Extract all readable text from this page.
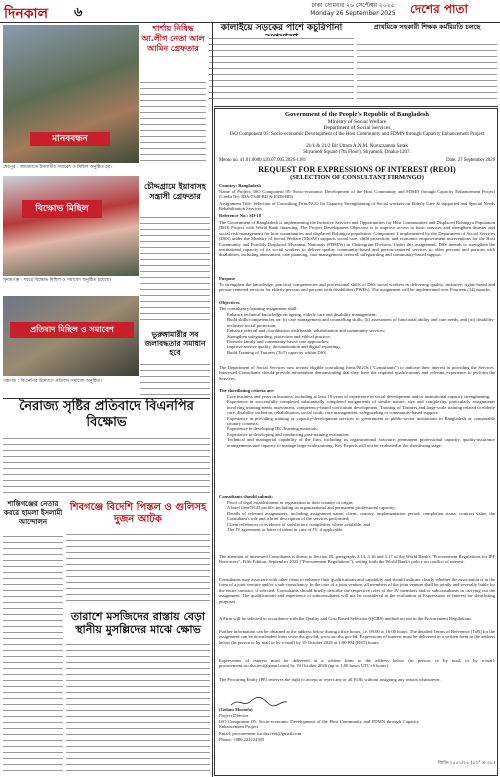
দিনকাল ৬	ঢাকা সোমবার ২৬ সেপ্টেম্বর ২০২৫
Monday 26 September 2025 দেশের পাতা
মানববন্ধন
শার্শায় নিষিদ্ধ আ.লীগ নেতা আল আমিন গ্রেফতার
শেরপুর : জামায়াতে ইসলামীর সমাবেশ ও মিছিল অনুষ্ঠিত হয়।
কালাইয়ে সড়কের পাশে কচুরিপানা	প্রাথমিকে সহকারী শিক্ষক কর্মবিরতি চলছে
বিক্ষোভ মিছিল
সুনামগঞ্জ : শহরে বিক্ষোভ মিছিল ও সমাবেশ অনুষ্ঠিত হয়েছে।
চৌদ্দগ্রামে ইয়াবাসহ সন্ত্রাসী গ্রেফতার
প্রতিবাদ মিছিল ও সমাবেশ
পঞ্চগড় : বিএনপির উদ্যোগে প্রতিবাদ সমাবেশ অনুষ্ঠিত।
ভুরুঙ্গামারীর সব জলাবদ্ধতার সমাধান হবে
নৈরাজ্য সৃষ্টির প্রতিবাদে বিএনপির বিক্ষোভ
শান্তিগঞ্জের নেতার কবরে হামলা ইসলামী আন্দোলন
শিবগঞ্জে বিদেশি পিস্তল ও গুলিসহ দুজন আটক
তারাশে মসজিদের রাস্তায় বেড়া স্থানীয় মুসল্লিদের মাঝে ক্ষোভ
Government of the People's Republic of Bangladesh
Ministry of Social Welfare
Department of Social Services
ISO Component 05: Socio-economic Development of the Host Community and FDMN through Capacity Enhancement Project
21/1 & 21/2 Bir Uttom A.N.M. Nuruzzaman Sarak
Shyamoli Square (7th Floor), Shyamoli, Dhaka-1207.
Memo no. 41.01.0000.120.07.005.2026-1181	Date: 27 September 2026
REQUEST FOR EXPRESSIONS OF INTEREST (REOI)
(SELECTION OF CONSULTANT FIRM/NGO)
Country: Bangladesh
Name of Project: ISO Component 05: Socio-economic Development of the Host Community and FDMN through Capacity Enhancement Project (Credit No: IDA-7348-BD & E328-BD)
Assignment Title: Selection of Consulting Firm/NGO for Capacity Strengthening of Social workers on Elderly Care & supported and Special Needs Rehabilitation Services.
Reference No.: SD-18
The Government of Bangladesh is implementing the Inclusive Services and Opportunities for Host Communities and Displaced Rohingya Population (ISO) Project with World Bank financing. The Project Development Objective is to improve access to basic services and strengthen disaster and social risk management for host communities and displaced Rohingya population. Component 1 implemented by the Department of Social Services (DSS) under the Ministry of Social Welfare (MoSW) supports social care, child protection, and economic empowerment interventions for the Host Community and Forcibly Displaced Myanmar Nationals (FDMNs) in Chattogram Division. Under this assignment, DSS intends to strengthen the institutional capacity of its social workers to deliver quality community-based and person-centered services to older persons and persons with disabilities, including assessment, care planning, case management, referral, safeguarding and community-based support.
Purpose
To strengthen the knowledge, practical competencies and professional skills of DSS social workers in delivering quality, inclusive, rights-based and person-centered services for elderly persons and persons with disabilities (PWDs). The assignment will be implemented over Fourteen (14) months.
Objectives
The consultancy/training assignment shall:
Enhance technical knowledge on ageing, elderly care and disability management;
Build skills/competencies on: (i) case management and counselling skills, (ii) assessment of functional ability and care needs, and (iii) disability-inclusive social protection;
Enhance referral and coordination with health, rehabilitation and community services;
Strengthen safeguarding, protection and ethical practice;
Promote family and community-based care approaches;
Improve service quality, documentation and digital reporting;
Build Training of Trainers (ToT) capacity within DSS.
The Department of Social Services now invites eligible consulting firms/NGOs ("Consultants") to indicate their interest in providing the Services. Interested Consultants should provide information demonstrating that they have the required qualifications and relevant experience to perform the Services.
The shortlisting criteria are:
Core business and years in business, including at least 10 years of experience in social development and/or institutional capacity strengthening;
Experience in successfully completed substantially completed assignments of similar nature, size and complexity, particularly assignments involving training-needs assessment, competency-based curriculum development, Training of Trainers and large-scale training related to elderly care, disability inclusion, rehabilitation, social work, case management, safeguarding or community-based support;
Experience in providing training or capacity-development services to government or public-sector institutions in Bangladesh or comparable country contexts;
Experience in developing IEC/learning materials;
Experience in developing and conducting post-training evaluation;
Technical and managerial capability of the firm, including its organizational structure, permanent professional capacity, quality-assurance arrangements and capacity to manage large-scale training. Key Experts will not be evaluated at the shortlisting stage.
Consultants should submit:
Proof of legal establishment or registration in their country of origin;
A brief firm/NGO profile, including its organizational and permanent professional capacity;
Details of relevant assignments, including assignment name, client, country, implementation period, completion status, contract value, the Consultant's role and a brief description of the services performed;
Client references or evidence of satisfactory completion, where available; and
The JV agreement or letter of intent in case of JV, if applicable.
The attention of interested Consultants is drawn to Section III, paragraphs 3.14, 3.16 and 3.17 of the World Bank's "Procurement Regulations for IPF Borrowers", Fifth Edition, September 2023 ("Procurement Regulations"), setting forth the World Bank's policy on conflict of interest.
Consultants may associate with other firms to enhance their qualifications and capability and should indicate clearly whether the association is in the form of a joint venture and/or a sub-consultancy. In the case of a joint venture, all members of the joint venture shall be jointly and severally liable for the entire contract, if selected. Consultants should briefly describe the respective roles of the JV members and/or subconsultants in carrying out the assignment. The qualifications and experience of subconsultants will not be considered in the evaluation of Expressions of Interest for shortlisting purposes.
A Firm will be selected in accordance with the Quality and Cost Based Selection (QCBS) method set out in the Procurement Regulations.
Further information can be obtained at the address below during office hours, i.e. 09:00 to 16:00 hours. The detailed Terms of Reference (ToR) for the assignment can be downloaded from www.dss.gov.bd, www.iso.dss.gov.bd. Expressions of interest must be delivered in a written form to the address below (in person or by mail or by e-mail) by 19 October 2026 at 1:00 PM (BST) hours.
Expressions of interest must be delivered in a written form to the address below (in person, or by mail, or by e-mail: procurement.iso.dss.reoi@gmail.com) by 19 October 2026 (up to 1:00 hours UTC+6 hours).
The Procuring Entity (PE) reserves the right to accept or reject any or all EOIs without assigning any reason whatsoever.
(Golam Mostofa)
Project Director
ISO Component 05: Socio-economic Development of the Host Community and FDMN through Capacity Enhancement Project
Email: procurement.iso.dss.reoi@gmail.com
Phone: +880 222224305
জিডি-২৫৫১/২৫ (৫০" × ৩৮)
